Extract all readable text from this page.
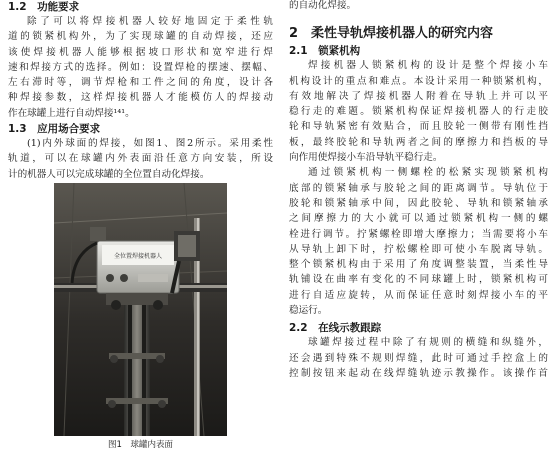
1.2　功能要求
除了可以将焊接机器人较好地固定于柔性轨
道的锁紧机构外，为了实现球罐的自动焊接，还应
该使焊接机器人能够根据坡口形状和宽窄进行焊
速和焊接方式的选择。例如：设置焊枪的摆速、摆幅、
左右滞时等，调节焊枪和工件之间的角度，设计各
种焊接参数，这样焊接机器人才能模仿人的焊接动
作在球罐上进行自动焊接¹⁴¹。
1.3　应用场合要求
(1)内外球面的焊接，如图1、图2所示。采用柔性
轨道，可以在球罐内外表面沿任意方向安装，所设
计的机器人可以完成球罐的全位置自动化焊接。
全位置焊接机器人
图1　球罐内表面
的自动化焊接。
2　柔性导轨焊接机器人的研究内容
2.1　锁紧机构
焊接机器人锁紧机构的设计是整个焊接小车
机构设计的重点和难点。本设计采用一种锁紧机构，
有效地解决了焊接机器人附着在导轨上并可以平
稳行走的难题。锁紧机构保证焊接机器人的行走胶
轮和导轨紧密有效贴合，而且胶轮一侧带有刚性挡
板，最终胶轮和导轨两者之间的摩擦力和挡板的导
向作用使焊接小车沿导轨平稳行走。
通过锁紧机构一侧螺栓的松紧实现锁紧机构
底部的锁紧轴承与胶轮之间的距离调节。导轨位于
胶轮和锁紧轴承中间，因此胶轮、导轨和锁紧轴承
之间摩擦力的大小就可以通过锁紧机构一侧的螺
栓进行调节。拧紧螺栓即增大摩擦力；当需要将小车
从导轨上卸下时，拧松螺栓即可使小车脱离导轨。
整个锁紧机构由于采用了角度调整装置，当柔性导
轨铺设在曲率有变化的不同球罐上时，锁紧机构可
进行自适应旋转，从而保证任意时刻焊接小车的平
稳运行。
2.2　在线示教跟踪
球罐焊接过程中除了有规则的横缝和纵缝外，
还会遇到特殊不规则焊缝，此时可通过手控盒上的
控制按钮来起动在线焊缝轨迹示教操作。该操作首
